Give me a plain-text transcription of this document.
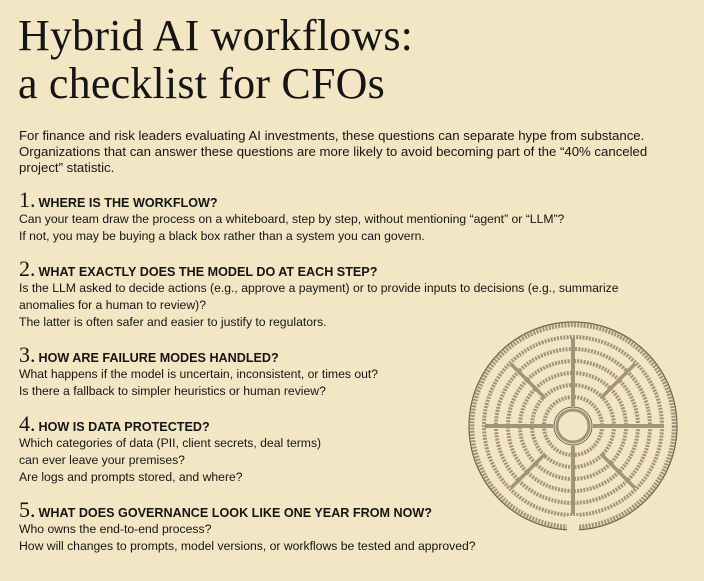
Hybrid AI workflows:
a checklist for CFOs

For finance and risk leaders evaluating AI investments, these questions can separate hype from substance.
Organizations that can answer these questions are more likely to avoid becoming part of the “40% canceled
project” statistic.

1. WHERE IS THE WORKFLOW?
Can your team draw the process on a whiteboard, step by step, without mentioning “agent” or “LLM”?
If not, you may be buying a black box rather than a system you can govern.
2. WHAT EXACTLY DOES THE MODEL DO AT EACH STEP?
Is the LLM asked to decide actions (e.g., approve a payment) or to provide inputs to decisions (e.g., summarize
anomalies for a human to review)?
The latter is often safer and easier to justify to regulators.
3. HOW ARE FAILURE MODES HANDLED?
What happens if the model is uncertain, inconsistent, or times out?
Is there a fallback to simpler heuristics or human review?
4. HOW IS DATA PROTECTED?
Which categories of data (PII, client secrets, deal terms)
can ever leave your premises?
Are logs and prompts stored, and where?
5. WHAT DOES GOVERNANCE LOOK LIKE ONE YEAR FROM NOW?
Who owns the end-to-end process?
How will changes to prompts, model versions, or workflows be tested and approved?
